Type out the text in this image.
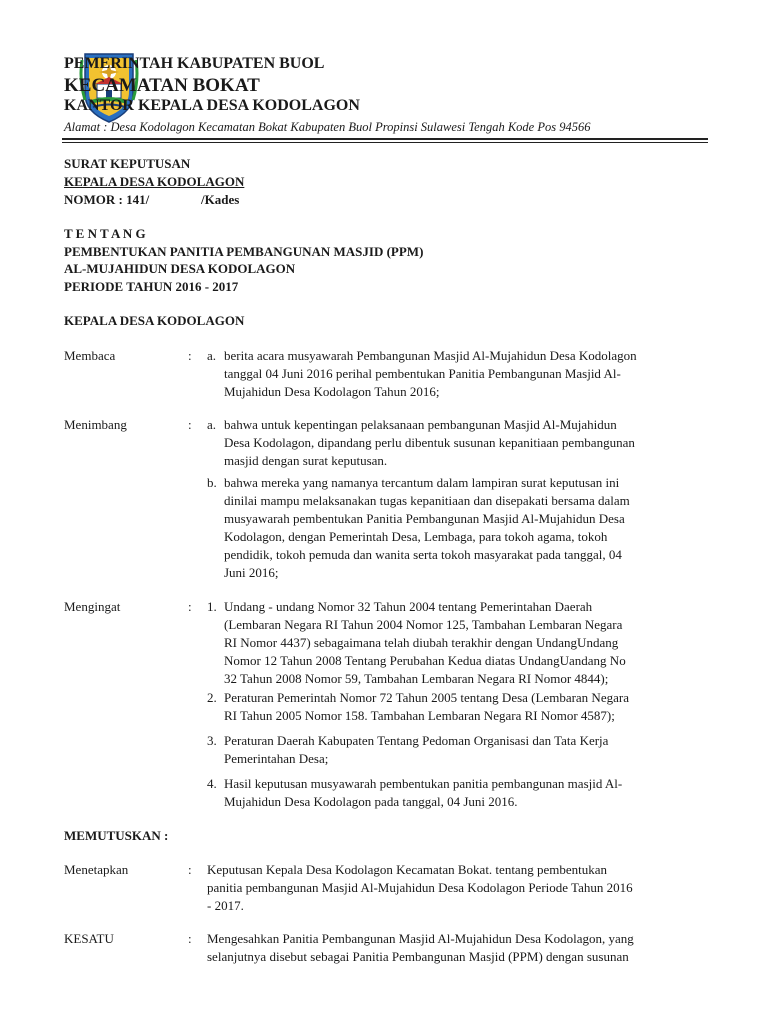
PEMERINTAH KABUPATEN BUOL
KECAMATAN BOKAT
KANTOR KEPALA DESA KODOLAGON
Alamat : Desa Kodolagon Kecamatan Bokat Kabupaten Buol Propinsi Sulawesi Tengah Kode Pos 94566
SURAT KEPUTUSAN
KEPALA DESA KODOLAGON
NOMOR : 141/	/Kades
T E N T A N G
PEMBENTUKAN PANITIA PEMBANGUNAN MASJID (PPM)
AL-MUJAHIDUN DESA KODOLAGON
PERIODE TAHUN 2016 - 2017
KEPALA DESA KODOLAGON
Membaca	: a. berita acara musyawarah Pembangunan Masjid Al-Mujahidun Desa Kodolagon
tanggal 04 Juni 2016 perihal pembentukan Panitia Pembangunan Masjid Al-
Mujahidun Desa Kodolagon Tahun 2016;
Menimbang	: a. bahwa untuk kepentingan pelaksanaan pembangunan Masjid Al-Mujahidun
Desa Kodolagon, dipandang perlu dibentuk susunan kepanitiaan pembangunan
masjid dengan surat keputusan.
b. bahwa mereka yang namanya tercantum dalam lampiran surat keputusan ini
dinilai mampu melaksanakan tugas kepanitiaan dan disepakati bersama dalam
musyawarah pembentukan Panitia Pembangunan Masjid Al-Mujahidun Desa
Kodolagon, dengan Pemerintah Desa, Lembaga, para tokoh agama, tokoh
pendidik, tokoh pemuda dan wanita serta tokoh masyarakat pada tanggal, 04
Juni 2016;
Mengingat	: 1. Undang - undang Nomor 32 Tahun 2004 tentang Pemerintahan Daerah
(Lembaran Negara RI Tahun 2004 Nomor 125, Tambahan Lembaran Negara
RI Nomor 4437) sebagaimana telah diubah terakhir dengan UndangUndang
Nomor 12 Tahun 2008 Tentang Perubahan Kedua diatas UndangUandang No
32 Tahun 2008 Nomor 59, Tambahan Lembaran Negara RI Nomor 4844);
2. Peraturan Pemerintah Nomor 72 Tahun 2005 tentang Desa (Lembaran Negara
RI Tahun 2005 Nomor 158. Tambahan Lembaran Negara RI Nomor 4587);
3. Peraturan Daerah Kabupaten Tentang Pedoman Organisasi dan Tata Kerja
Pemerintahan Desa;
4. Hasil keputusan musyawarah pembentukan panitia pembangunan masjid Al-
Mujahidun Desa Kodolagon pada tanggal, 04 Juni 2016.
MEMUTUSKAN :
Menetapkan	: Keputusan Kepala Desa Kodolagon Kecamatan Bokat. tentang pembentukan
panitia pembangunan Masjid Al-Mujahidun Desa Kodolagon Periode Tahun 2016
- 2017.
KESATU	: Mengesahkan Panitia Pembangunan Masjid Al-Mujahidun Desa Kodolagon, yang
selanjutnya disebut sebagai Panitia Pembangunan Masjid (PPM) dengan susunan
